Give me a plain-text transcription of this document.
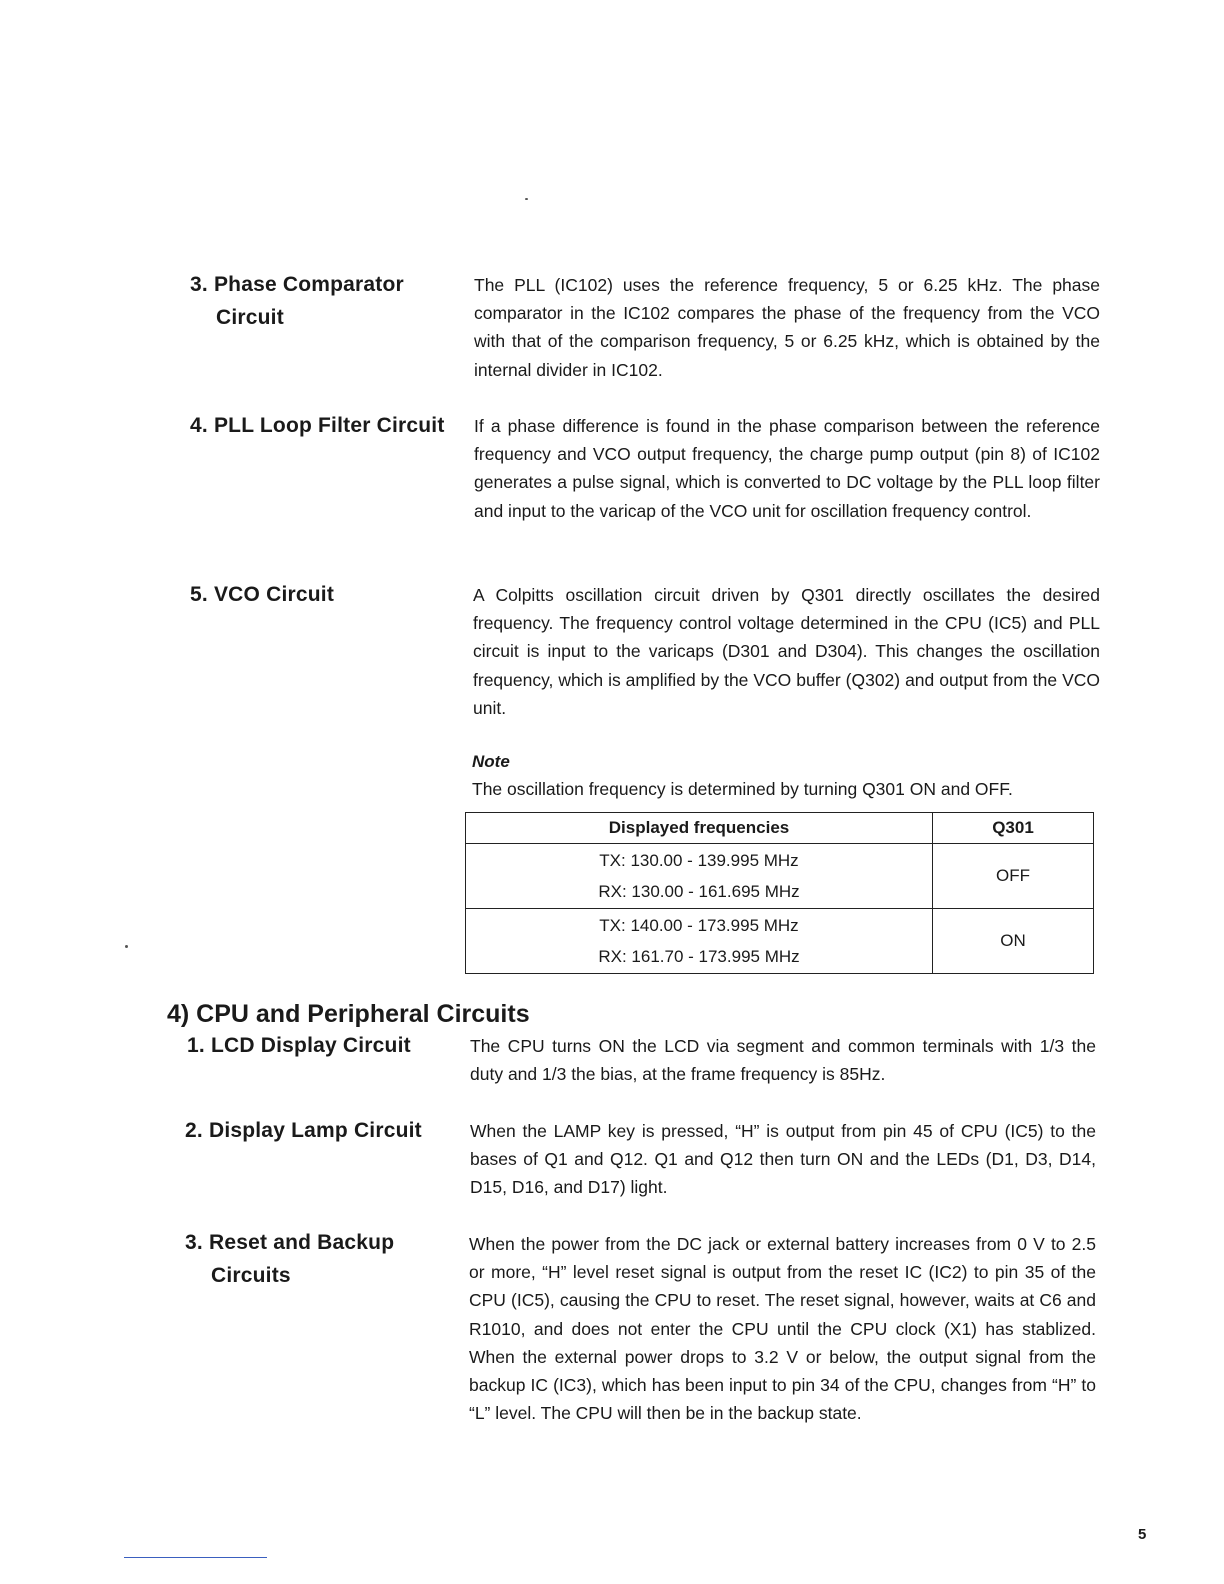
3. Phase Comparator
Circuit

The PLL (IC102) uses the reference frequency, 5 or 6.25 kHz. The phase comparator in the IC102 compares the phase of the frequency from the VCO with that of the comparison frequency, 5 or 6.25 kHz, which is obtained by the internal divider in IC102.

4. PLL Loop Filter Circuit If a phase difference is found in the phase comparison between the reference frequency and VCO output frequency, the charge pump output (pin 8) of IC102 generates a pulse signal, which is converted to DC voltage by the PLL loop filter and input to the varicap of the VCO unit for oscillation frequency control.

5. VCO Circuit	A Colpitts oscillation circuit driven by Q301 directly oscillates the desired frequency. The frequency control voltage determined in the CPU (IC5) and PLL circuit is input to the varicaps (D301 and D304). This changes the oscillation frequency, which is amplified by the VCO buffer (Q302) and output from the VCO unit.

Note
The oscillation frequency is determined by turning Q301 ON and OFF.
Displayed frequencies	Q301

TX: 130.00 - 139.995 MHz
RX: 130.00 - 161.695 MHz	OFF

TX: 140.00 - 173.995 MHz
RX: 161.70 - 173.995 MHz	ON
4) CPU and Peripheral Circuits
1. LCD Display Circuit	The CPU turns ON the LCD via segment and common terminals with 1/3 the duty and 1/3 the bias, at the frame frequency is 85Hz.

2. Display Lamp Circuit	When the LAMP key is pressed, “H” is output from pin 45 of CPU (IC5) to the bases of Q1 and Q12. Q1 and Q12 then turn ON and the LEDs (D1, D3, D14, D15, D16, and D17) light.

3. Reset and Backup
Circuits

When the power from the DC jack or external battery increases from 0 V to 2.5 or more, “H” level reset signal is output from the reset IC (IC2) to pin 35 of the CPU (IC5), causing the CPU to reset. The reset signal, however, waits at C6 and R1010, and does not enter the CPU until the CPU clock (X1) has stablized. When the external power drops to 3.2 V or below, the output signal from the backup IC (IC3), which has been input to pin 34 of the CPU, changes from “H” to “L” level. The CPU will then be in the backup state.

5
